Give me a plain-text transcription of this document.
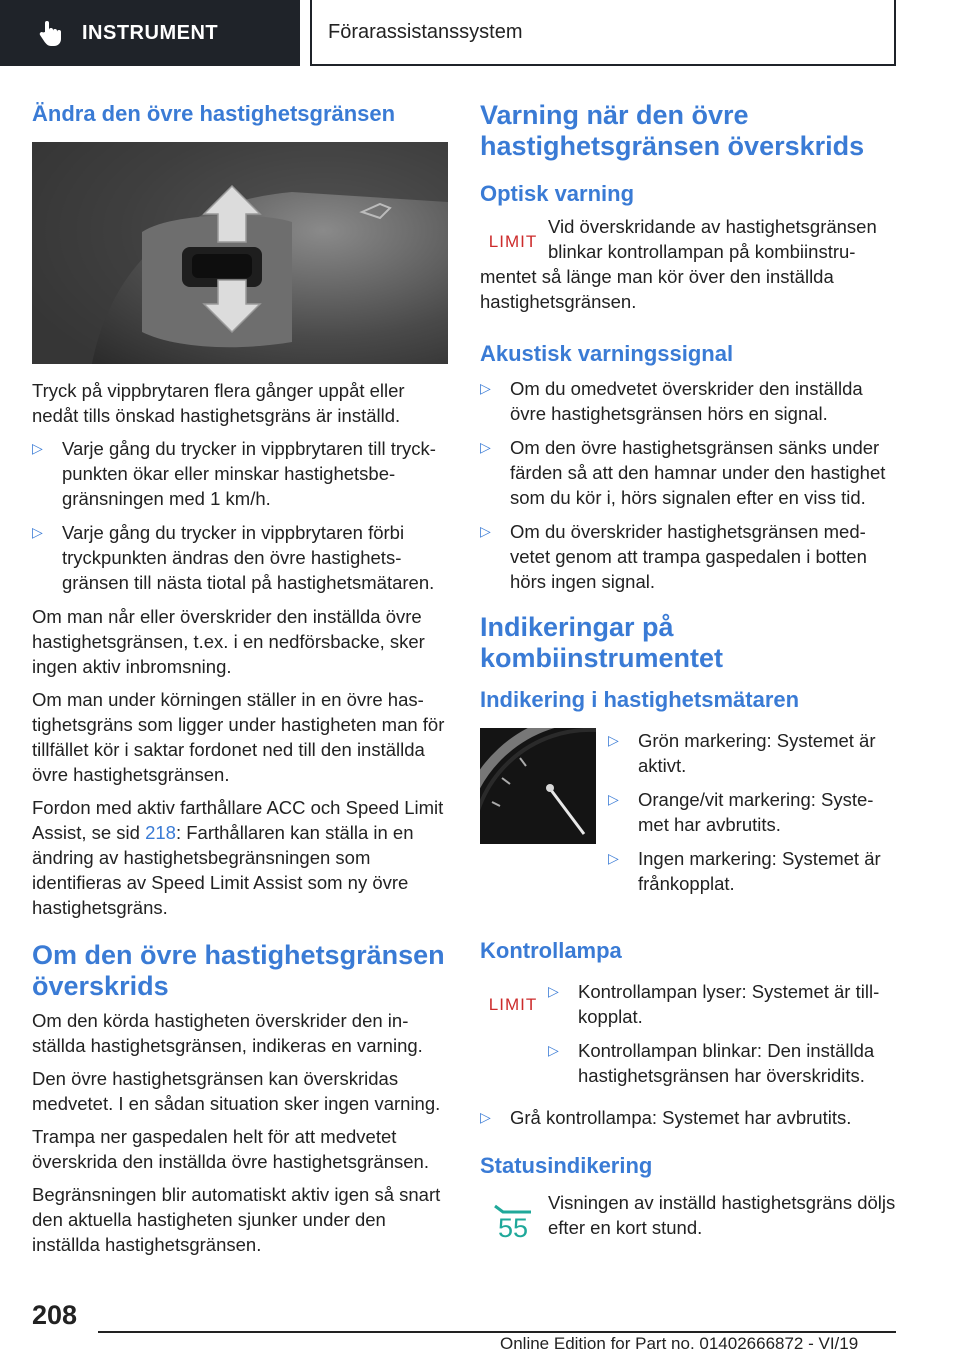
INSTRUMENT	Förarassistanssystem
Ändra den övre hastighetsgränsen

Tryck på vippbrytaren flera gånger uppåt eller nedåt tills önskad hastighetsgräns är inställd.

▷ Varje gång du trycker in vippbrytaren till tryckpunkten ökar eller minskar hastighetsbegränsningen med 1 km/h.
▷ Varje gång du trycker in vippbrytaren förbi tryckpunkten ändras den övre hastighetsgränsen till nästa tiotal på hastighetsmätaren.

Om man når eller överskrider den inställda övre hastighetsgränsen, t.ex. i en nedförsbacke, sker ingen aktiv inbromsning.

Om man under körningen ställer in en övre hastighetsgräns som ligger under hastigheten man för tillfället kör i saktar fordonet ned till den inställda övre hastighetsgränsen.

Fordon med aktiv farthållare ACC och Speed Limit Assist, se sid 218: Farthållaren kan ställa in en ändring av hastighetsbegränsningen som identifieras av Speed Limit Assist som ny övre hastighetsgräns.

Om den övre hastighetsgränsen överskrids

Om den körda hastigheten överskrider den inställda hastighetsgränsen, indikeras en varning.

Den övre hastighetsgränsen kan överskridas medvetet. I en sådan situation sker ingen varning.

Trampa ner gaspedalen helt för att medvetet överskrida den inställda övre hastighetsgränsen.

Begränsningen blir automatiskt aktiv igen så snart den aktuella hastigheten sjunker under den inställda hastighetsgränsen.

Varning när den övre hastighetsgränsen överskrids
Optisk varning
LIMIT

Vid överskridande av hastighetsgränsen blinkar kontrollampan på kombiinstrumentet så länge man kör över den inställda hastighetsgränsen.

Akustisk varningssignal
▷ Om du omedvetet överskrider den inställda övre hastighetsgränsen hörs en signal.
▷ Om den övre hastighetsgränsen sänks under färden så att den hamnar under den hastighet som du kör i, hörs signalen efter en viss tid.
▷ Om du överskrider hastighetsgränsen medvetet genom att trampa gaspedalen i botten hörs ingen signal.
Indikeringar på kombiinstrumentet
Indikering i hastighetsmätaren
▷ Grön markering: Systemet är aktivt.
▷ Orange/vit markering: Systemet har avbrutits.
▷ Ingen markering: Systemet är frånkopplat.
Kontrollampa
LIMIT
▷ Kontrollampan lyser: Systemet är tillkopplat.
▷ Kontrollampan blinkar: Den inställda hastighetsgränsen har överskridits.
▷ Grå kontrollampa: Systemet har avbrutits.
Statusindikering
55

Visningen av inställd hastighetsgräns döljs efter en kort stund.

208
Online Edition for Part no. 01402666872 - VI/19
